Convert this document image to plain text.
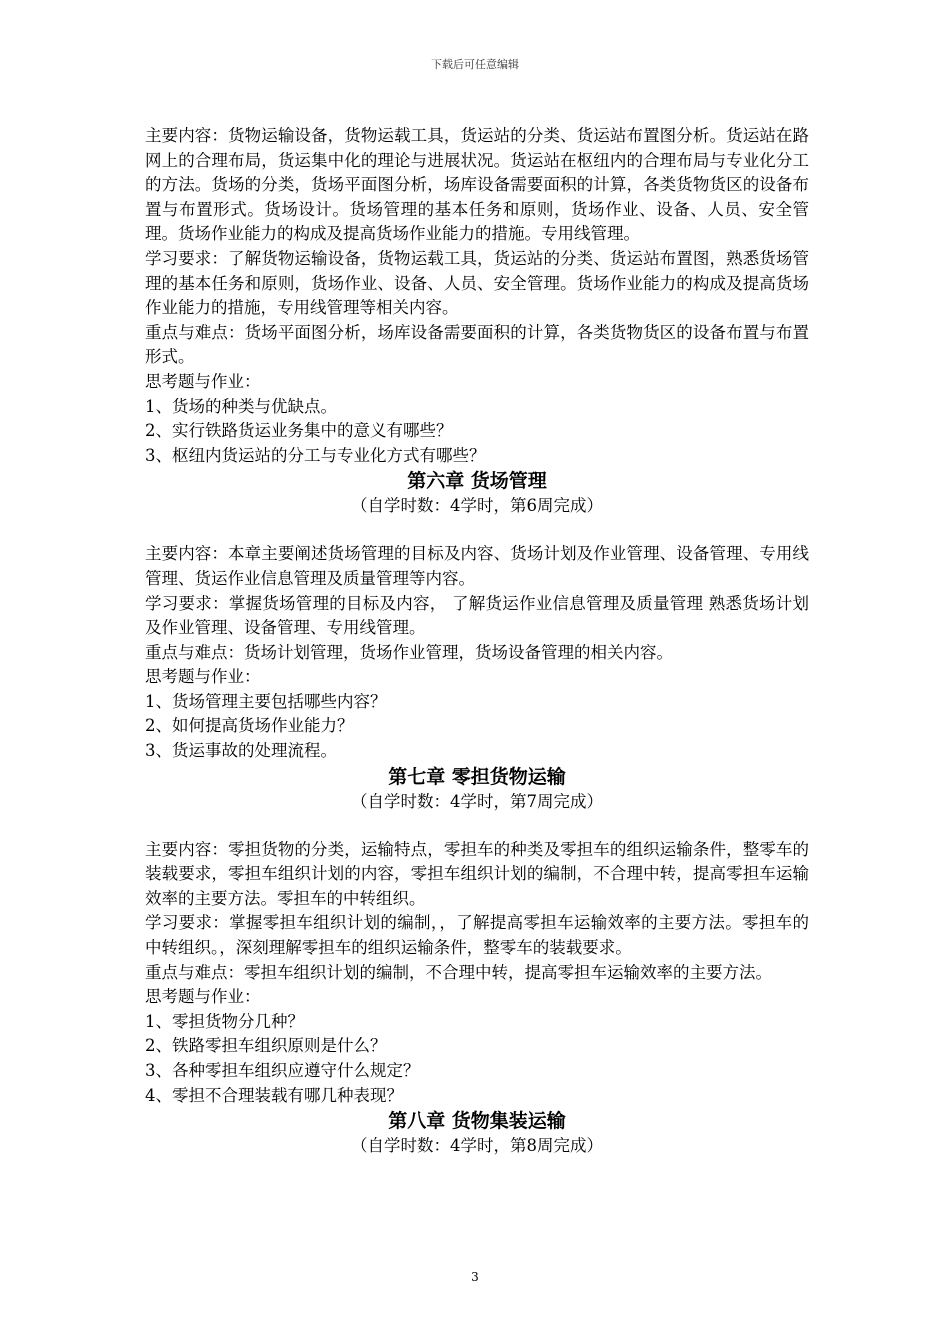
下载后可任意编辑

主要内容：货物运输设备，货物运载工具，货运站的分类、货运站布置图分析。货运站在路网上的合理布局，货运集中化的理论与进展状况。货运站在枢纽内的合理布局与专业化分工的方法。货场的分类，货场平面图分析，场库设备需要面积的计算，各类货物货区的设备布置与布置形式。货场设计。货场管理的基本任务和原则，货场作业、设备、人员、安全管理。货场作业能力的构成及提高货场作业能力的措施。专用线管理。

学习要求：了解货物运输设备，货物运载工具，货运站的分类、货运站布置图，熟悉货场管理的基本任务和原则，货场作业、设备、人员、安全管理。货场作业能力的构成及提高货场作业能力的措施，专用线管理等相关内容。

重点与难点：货场平面图分析，场库设备需要面积的计算，各类货物货区的设备布置与布置形式。

思考题与作业：

1、货场的种类与优缺点。

2、实行铁路货运业务集中的意义有哪些？

3、枢纽内货运站的分工与专业化方式有哪些？

第六章 货场管理

（自学时数：4学时，第6周完成）

主要内容：本章主要阐述货场管理的目标及内容、货场计划及作业管理、设备管理、专用线管理、货运作业信息管理及质量管理等内容。

学习要求：掌握货场管理的目标及内容， 了解货运作业信息管理及质量管理 熟悉货场计划及作业管理、设备管理、专用线管理。

重点与难点：货场计划管理，货场作业管理，货场设备管理的相关内容。

思考题与作业：

1、货场管理主要包括哪些内容？

2、如何提高货场作业能力？

3、货运事故的处理流程。

第七章 零担货物运输

（自学时数：4学时，第7周完成）

主要内容：零担货物的分类，运输特点，零担车的种类及零担车的组织运输条件，整零车的装载要求，零担车组织计划的内容，零担车组织计划的编制，不合理中转，提高零担车运输效率的主要方法。零担车的中转组织。

学习要求：掌握零担车组织计划的编制，，了解提高零担车运输效率的主要方法。零担车的中转组织。，深刻理解零担车的组织运输条件，整零车的装载要求。

重点与难点：零担车组织计划的编制，不合理中转，提高零担车运输效率的主要方法。

思考题与作业：

1、零担货物分几种？

2、铁路零担车组织原则是什么？

3、各种零担车组织应遵守什么规定？

4、零担不合理装载有哪几种表现？

第八章 货物集装运输

（自学时数：4学时，第8周完成）

3
